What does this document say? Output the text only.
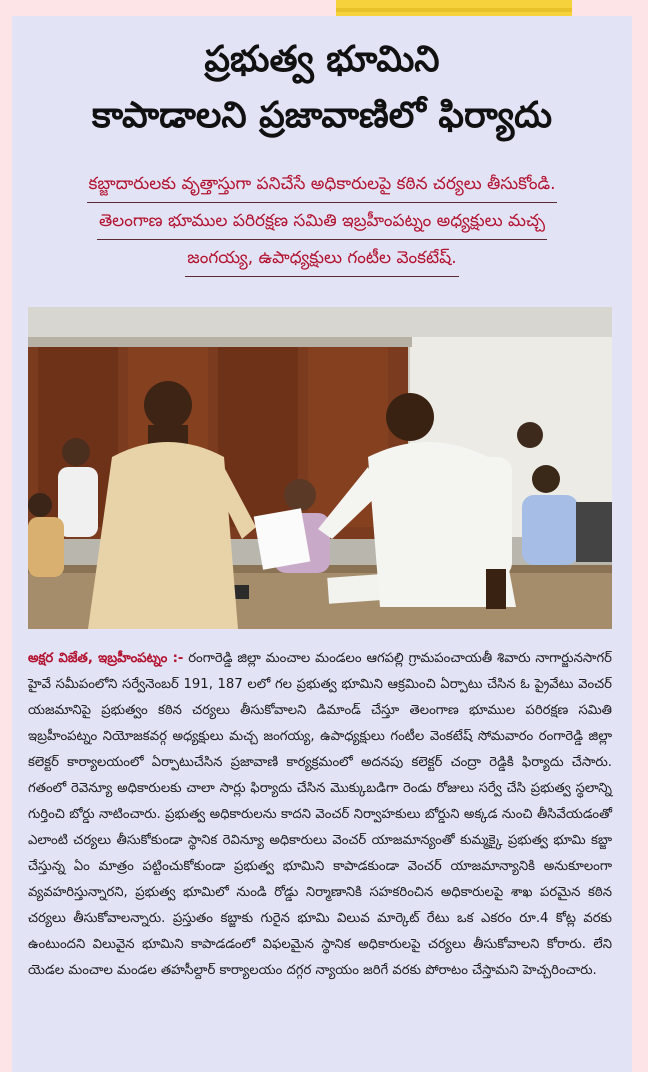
ప్రభుత్వ భూమిని
కాపాడాలని ప్రజావాణిలో ఫిర్యాదు
కబ్జాదారులకు వృత్తాస్తుగా పనిచేసే అధికారులపై కఠిన చర్యలు తీసుకోండి.
తెలంగాణ భూముల పరిరక్షణ సమితి ఇబ్రహీంపట్నం అధ్యక్షులు మచ్చ
జంగయ్య, ఉపాధ్యక్షులు గంటీల వెంకటేష్.
అక్షర విజేత, ఇబ్రహీంపట్నం :- రంగారెడ్డి జిల్లా మంచాల మండలం ఆగపల్లి గ్రామపంచాయతీ శివారు నాగార్జునసాగర్ హైవే సమీపంలోని సర్వేనెంబర్ 191, 187 లలో గల ప్రభుత్వ భూమిని ఆక్రమించి ఏర్పాటు చేసిన ఓ ప్రైవేటు వెంచర్ యజమానిపై ప్రభుత్వం కఠిన చర్యలు తీసుకోవాలని డిమాండ్ చేస్తూ తెలంగాణ భూముల పరిరక్షణ సమితి ఇబ్రహీంపట్నం నియోజకవర్గ అధ్యక్షులు మచ్చ జంగయ్య, ఉపాధ్యక్షులు గంటీల వెంకటేష్ సోమవారం రంగారెడ్డి జిల్లా కలెక్టర్ కార్యాలయంలో ఏర్పాటుచేసిన ప్రజావాణి కార్యక్రమంలో అదనపు కలెక్టర్ చంద్రా రెడ్డికి ఫిర్యాదు చేసారు. గతంలో రెవెన్యూ అధికారులకు చాలా సార్లు ఫిర్యాదు చేసిన మొక్కుబడిగా రెండు రోజులు సర్వే చేసి ప్రభుత్వ స్థలాన్ని గుర్తించి బోర్డు నాటించారు. ప్రభుత్వ అధికారులను కాదని వెంచర్ నిర్వాహకులు బోర్డుని అక్కడ నుంచి తీసివేయడంతో ఎలాంటి చర్యలు తీసుకోకుండా స్థానిక రెవిన్యూ అధికారులు వెంచర్ యాజమాన్యంతో కుమ్మక్కై ప్రభుత్వ భూమి కబ్జా చేస్తున్న ఏం మాత్రం పట్టించుకోకుండా ప్రభుత్వ భూమిని కాపాడకుండా వెంచర్ యాజమాన్యానికి అనుకూలంగా వ్యవహరిస్తున్నారని, ప్రభుత్వ భూమిలో నుండి రోడ్డు నిర్మాణానికి సహకరించిన అధికారులపై శాఖ పరమైన కఠిన చర్యలు తీసుకోవాలన్నారు. ప్రస్తుతం కబ్జాకు గురైన భూమి విలువ మార్కెట్ రేటు ఒక ఎకరం రూ.4 కోట్ల వరకు ఉంటుందని విలువైన భూమిని కాపాడడంలో విఫలమైన స్థానిక అధికారులపై చర్యలు తీసుకోవాలని కోరారు. లేని యెడల మంచాల మండల తహసీల్దార్ కార్యాలయం దగ్గర న్యాయం జరిగే వరకు పోరాటం చేస్తామని హెచ్చరించారు.
